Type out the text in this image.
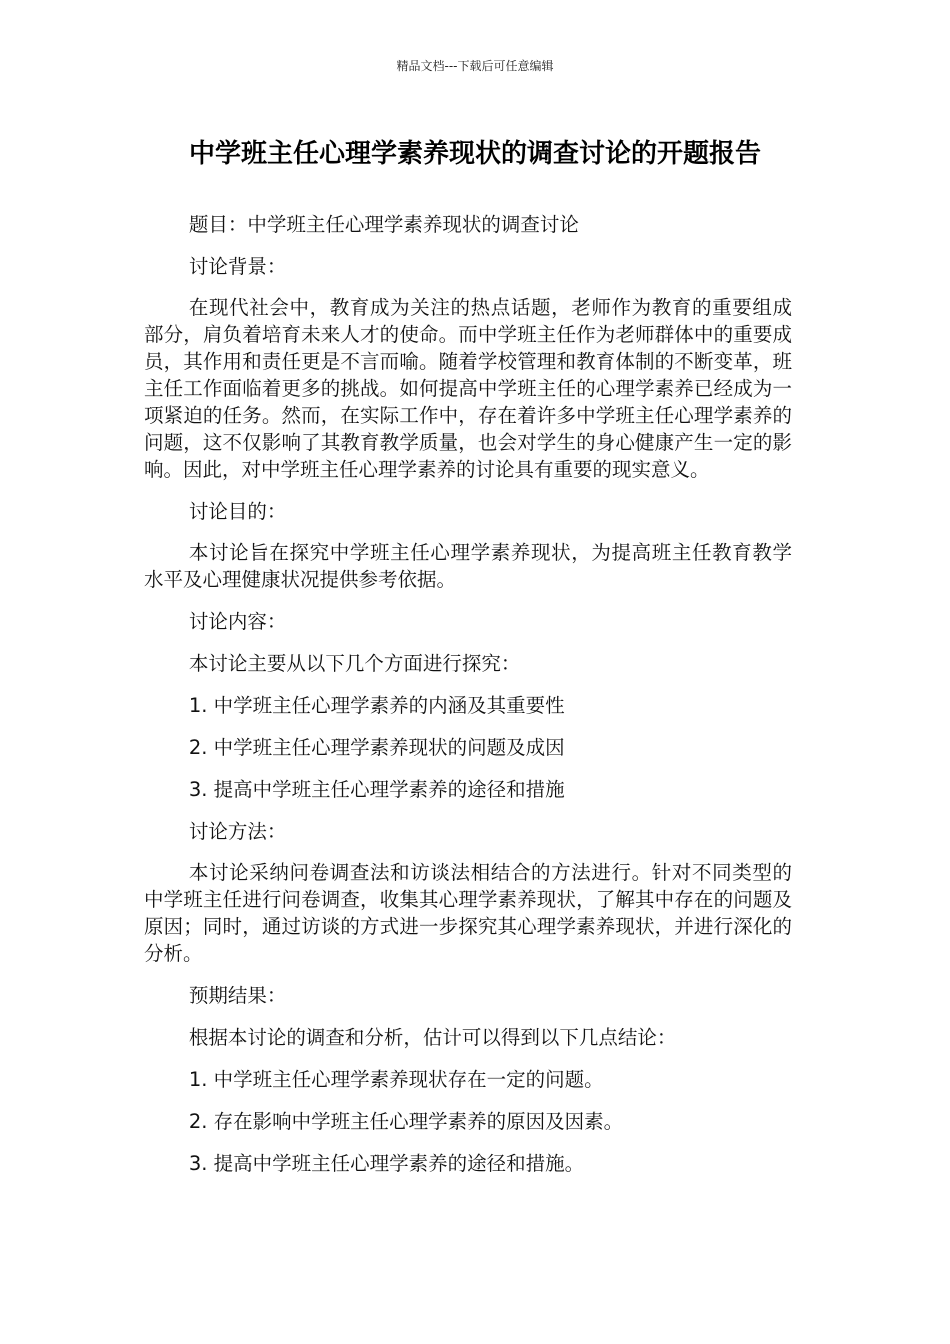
精品文档---下载后可任意编辑
中学班主任心理学素养现状的调查讨论的开题报告

题目：中学班主任心理学素养现状的调查讨论

讨论背景：

在现代社会中，教育成为关注的热点话题，老师作为教育的重要组成部分，肩负着培育未来人才的使命。而中学班主任作为老师群体中的重要成员，其作用和责任更是不言而喻。随着学校管理和教育体制的不断变革，班主任工作面临着更多的挑战。如何提高中学班主任的心理学素养已经成为一项紧迫的任务。然而，在实际工作中，存在着许多中学班主任心理学素养的问题，这不仅影响了其教育教学质量，也会对学生的身心健康产生一定的影响。因此，对中学班主任心理学素养的讨论具有重要的现实意义。

讨论目的：

本讨论旨在探究中学班主任心理学素养现状，为提高班主任教育教学水平及心理健康状况提供参考依据。

讨论内容：

本讨论主要从以下几个方面进行探究：

1. 中学班主任心理学素养的内涵及其重要性

2. 中学班主任心理学素养现状的问题及成因

3. 提高中学班主任心理学素养的途径和措施

讨论方法：

本讨论采纳问卷调查法和访谈法相结合的方法进行。针对不同类型的中学班主任进行问卷调查，收集其心理学素养现状，了解其中存在的问题及原因；同时，通过访谈的方式进一步探究其心理学素养现状，并进行深化的分析。

预期结果：

根据本讨论的调查和分析，估计可以得到以下几点结论：

1. 中学班主任心理学素养现状存在一定的问题。

2. 存在影响中学班主任心理学素养的原因及因素。

3. 提高中学班主任心理学素养的途径和措施。
